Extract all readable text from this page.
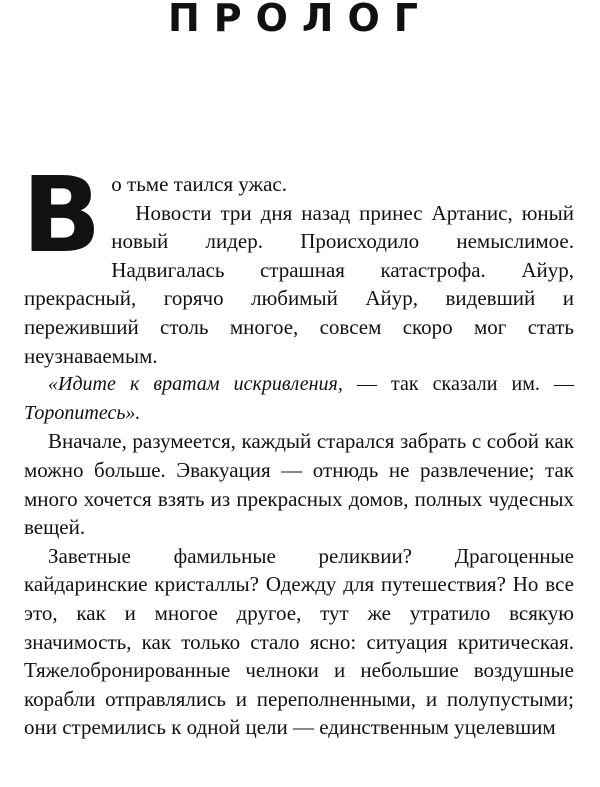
ПРОЛОГ

В о тьме таился ужас.
Новости три дня назад принес Артанис, юный новый лидер. Происходило немыслимое. Надвигалась страшная катастрофа. Айур, прекрасный, горячо любимый Айур, видевший и переживший столь многое, совсем скоро мог стать неузнаваемым.

«Идите к вратам искривления, — так сказали им. — Торопитесь».

Вначале, разумеется, каждый старался забрать с собой как можно больше. Эвакуация — отнюдь не развлечение; так много хочется взять из прекрасных домов, полных чудесных вещей.

Заветные фамильные реликвии? Драгоценные кайдаринские кристаллы? Одежду для путешествия? Но все это, как и многое другое, тут же утратило всякую значимость, как только стало ясно: ситуация критическая. Тяжелобронированные челноки и небольшие воздушные корабли отправлялись и переполненными, и полупустыми; они стремились к одной цели — единственным уцелевшим
